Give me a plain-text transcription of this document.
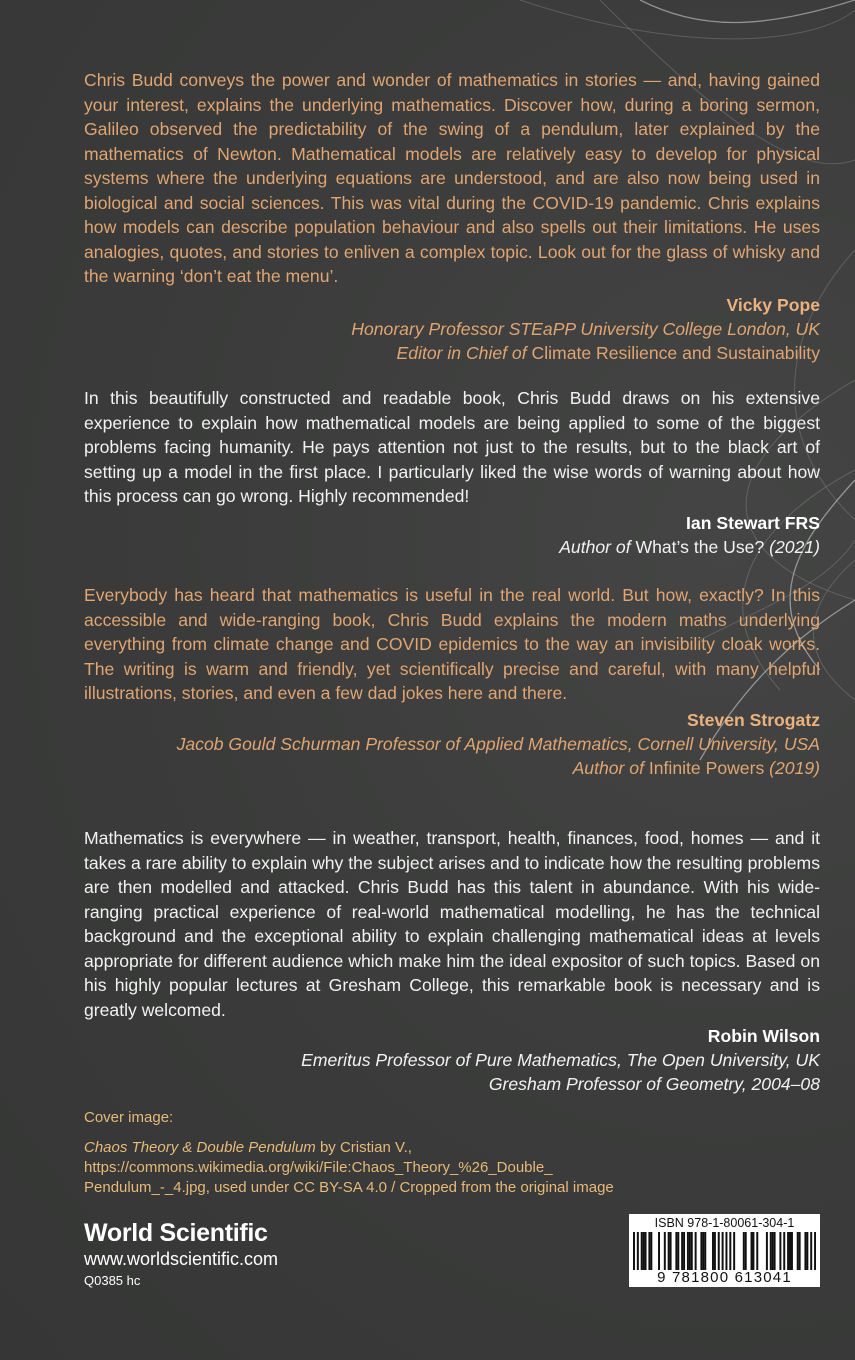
Chris Budd conveys the power and wonder of mathematics in stories — and, having gained your interest, explains the underlying mathematics. Discover how, during a boring sermon, Galileo observed the predictability of the swing of a pendulum, later explained by the mathematics of Newton. Mathematical models are relatively easy to develop for physical systems where the underlying equations are understood, and are also now being used in biological and social sciences. This was vital during the COVID-19 pandemic. Chris explains how models can describe population behaviour and also spells out their limitations. He uses analogies, quotes, and stories to enliven a complex topic. Look out for the glass of whisky and the warning ‘don’t eat the menu’.

Vicky Pope
Honorary Professor STEaPP University College London, UK
Editor in Chief of Climate Resilience and Sustainability

In this beautifully constructed and readable book, Chris Budd draws on his extensive experience to explain how mathematical models are being applied to some of the biggest problems facing humanity. He pays attention not just to the results, but to the black art of setting up a model in the first place. I particularly liked the wise words of warning about how this process can go wrong. Highly recommended!

Ian Stewart FRS
Author of What’s the Use? (2021)

Everybody has heard that mathematics is useful in the real world. But how, exactly? In this accessible and wide-ranging book, Chris Budd explains the modern maths underlying everything from climate change and COVID epidemics to the way an invisibility cloak works. The writing is warm and friendly, yet scientifically precise and careful, with many helpful illustrations, stories, and even a few dad jokes here and there.

Steven Strogatz
Jacob Gould Schurman Professor of Applied Mathematics, Cornell University, USA
Author of Infinite Powers (2019)

Mathematics is everywhere — in weather, transport, health, finances, food, homes — and it takes a rare ability to explain why the subject arises and to indicate how the resulting problems are then modelled and attacked. Chris Budd has this talent in abundance. With his wide-ranging practical experience of real-world mathematical modelling, he has the technical background and the exceptional ability to explain challenging mathematical ideas at levels appropriate for different audience which make him the ideal expositor of such topics. Based on his highly popular lectures at Gresham College, this remarkable book is necessary and is greatly welcomed.

Robin Wilson
Emeritus Professor of Pure Mathematics, The Open University, UK
Gresham Professor of Geometry, 2004–08
Cover image:
Chaos Theory & Double Pendulum by Cristian V.,
https://commons.wikimedia.org/wiki/File:Chaos_Theory_%26_Double_
Pendulum_-_4.jpg, used under CC BY-SA 4.0 / Cropped from the original image
World Scientific
www.worldscientific.com
Q0385 hc
ISBN 978-1-80061-304-1
9 781800 613041
